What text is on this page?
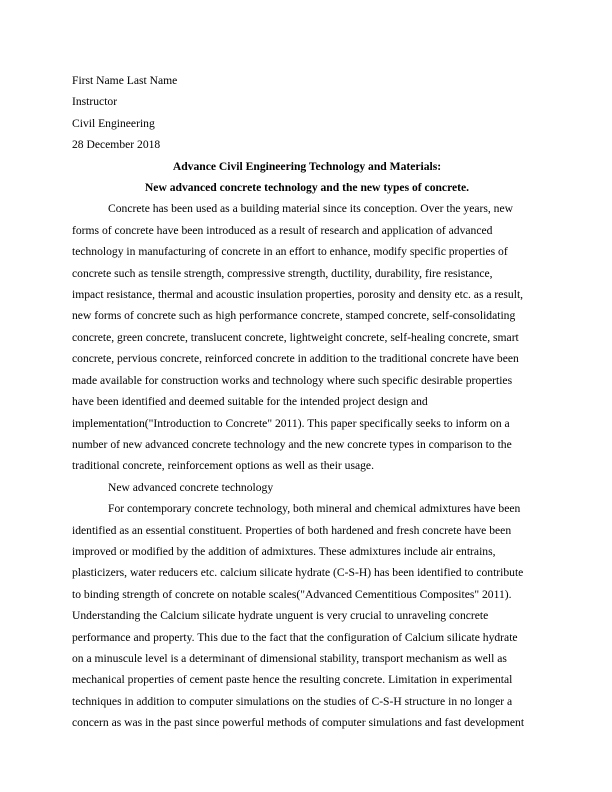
First Name Last Name
Instructor
Civil Engineering
28 December 2018
Advance Civil Engineering Technology and Materials:
New advanced concrete technology and the new types of concrete.
Concrete has been used as a building material since its conception. Over the years, new
forms of concrete have been introduced as a result of research and application of advanced
technology in manufacturing of concrete in an effort to enhance, modify specific properties of
concrete such as tensile strength, compressive strength, ductility, durability, fire resistance,
impact resistance, thermal and acoustic insulation properties, porosity and density etc. as a result,
new forms of concrete such as high performance concrete, stamped concrete, self-consolidating
concrete, green concrete, translucent concrete, lightweight concrete, self-healing concrete, smart
concrete, pervious concrete, reinforced concrete in addition to the traditional concrete have been
made available for construction works and technology where such specific desirable properties
have been identified and deemed suitable for the intended project design and
implementation("Introduction to Concrete" 2011). This paper specifically seeks to inform on a
number of new advanced concrete technology and the new concrete types in comparison to the
traditional concrete, reinforcement options as well as their usage.
New advanced concrete technology
For contemporary concrete technology, both mineral and chemical admixtures have been
identified as an essential constituent. Properties of both hardened and fresh concrete have been
improved or modified by the addition of admixtures. These admixtures include air entrains,
plasticizers, water reducers etc. calcium silicate hydrate (C-S-H) has been identified to contribute
to binding strength of concrete on notable scales("Advanced Cementitious Composites" 2011).
Understanding the Calcium silicate hydrate unguent is very crucial to unraveling concrete
performance and property. This due to the fact that the configuration of Calcium silicate hydrate
on a minuscule level is a determinant of dimensional stability, transport mechanism as well as
mechanical properties of cement paste hence the resulting concrete. Limitation in experimental
techniques in addition to computer simulations on the studies of C-S-H structure in no longer a
concern as was in the past since powerful methods of computer simulations and fast development
